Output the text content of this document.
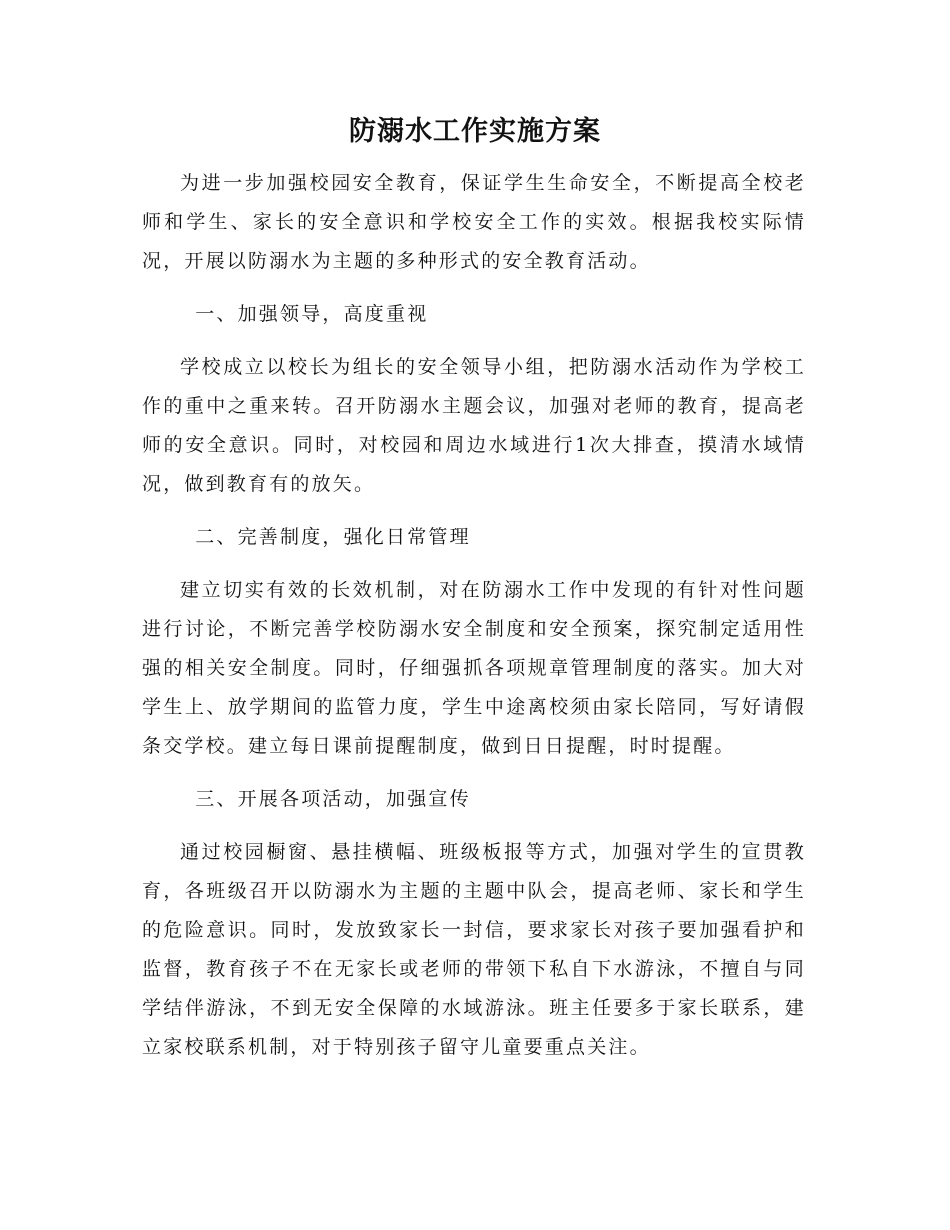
防溺水工作实施方案

为进一步加强校园安全教育，保证学生生命安全，不断提高全校老师和学生、家长的安全意识和学校安全工作的实效。根据我校实际情况，开展以防溺水为主题的多种形式的安全教育活动。

一、加强领导，高度重视

学校成立以校长为组长的安全领导小组，把防溺水活动作为学校工作的重中之重来转。召开防溺水主题会议，加强对老师的教育，提高老师的安全意识。同时，对校园和周边水域进行1次大排查，摸清水域情况，做到教育有的放矢。

二、完善制度，强化日常管理

建立切实有效的长效机制，对在防溺水工作中发现的有针对性问题进行讨论，不断完善学校防溺水安全制度和安全预案，探究制定适用性强的相关安全制度。同时，仔细强抓各项规章管理制度的落实。加大对学生上、放学期间的监管力度，学生中途离校须由家长陪同，写好请假条交学校。建立每日课前提醒制度，做到日日提醒，时时提醒。

三、开展各项活动，加强宣传

通过校园橱窗、悬挂横幅、班级板报等方式，加强对学生的宣贯教育，各班级召开以防溺水为主题的主题中队会，提高老师、家长和学生的危险意识。同时，发放致家长一封信，要求家长对孩子要加强看护和监督，教育孩子不在无家长或老师的带领下私自下水游泳，不擅自与同学结伴游泳，不到无安全保障的水域游泳。班主任要多于家长联系，建立家校联系机制，对于特别孩子留守儿童要重点关注。
